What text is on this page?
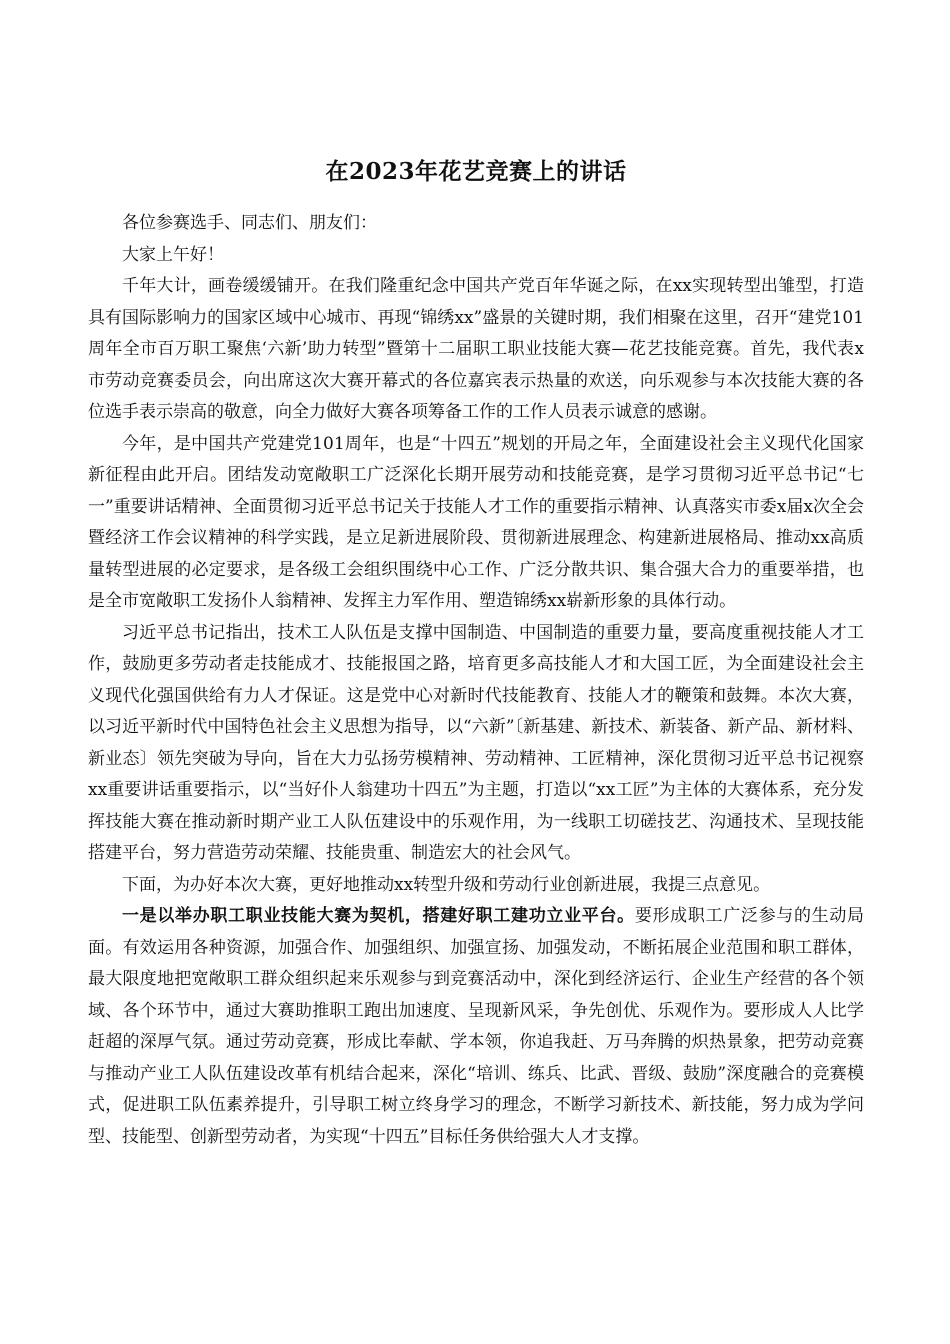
在2023年花艺竞赛上的讲话

各位参赛选手、同志们、朋友们：

大家上午好！

千年大计，画卷缓缓铺开。在我们隆重纪念中国共产党百年华诞之际，在xx实现转型出雏型，打造具有国际影响力的国家区域中心城市、再现“锦绣xx”盛景的关键时期，我们相聚在这里，召开“建党101周年全市百万职工聚焦‘六新’助力转型”暨第十二届职工职业技能大赛—花艺技能竞赛。首先，我代表x市劳动竞赛委员会，向出席这次大赛开幕式的各位嘉宾表示热量的欢送，向乐观参与本次技能大赛的各位选手表示崇高的敬意，向全力做好大赛各项筹备工作的工作人员表示诚意的感谢。

今年，是中国共产党建党101周年，也是“十四五”规划的开局之年，全面建设社会主义现代化国家新征程由此开启。团结发动宽敞职工广泛深化长期开展劳动和技能竞赛，是学习贯彻习近平总书记“七一”重要讲话精神、全面贯彻习近平总书记关于技能人才工作的重要指示精神、认真落实市委x届x次全会暨经济工作会议精神的科学实践，是立足新进展阶段、贯彻新进展理念、构建新进展格局、推动xx高质量转型进展的必定要求，是各级工会组织围绕中心工作、广泛分散共识、集合强大合力的重要举措，也是全市宽敞职工发扬仆人翁精神、发挥主力军作用、塑造锦绣xx崭新形象的具体行动。

习近平总书记指出，技术工人队伍是支撑中国制造、中国制造的重要力量，要高度重视技能人才工作，鼓励更多劳动者走技能成才、技能报国之路，培育更多高技能人才和大国工匠，为全面建设社会主义现代化强国供给有力人才保证。这是党中心对新时代技能教育、技能人才的鞭策和鼓舞。本次大赛，以习近平新时代中国特色社会主义思想为指导，以“六新”〔新基建、新技术、新装备、新产品、新材料、新业态〕领先突破为导向，旨在大力弘扬劳模精神、劳动精神、工匠精神，深化贯彻习近平总书记视察xx重要讲话重要指示，以“当好仆人翁建功十四五”为主题，打造以“xx工匠”为主体的大赛体系，充分发挥技能大赛在推动新时期产业工人队伍建设中的乐观作用，为一线职工切磋技艺、沟通技术、呈现技能搭建平台，努力营造劳动荣耀、技能贵重、制造宏大的社会风气。

下面，为办好本次大赛，更好地推动xx转型升级和劳动行业创新进展，我提三点意见。

一是以举办职工职业技能大赛为契机，搭建好职工建功立业平台。要形成职工广泛参与的生动局面。有效运用各种资源，加强合作、加强组织、加强宣扬、加强发动，不断拓展企业范围和职工群体，最大限度地把宽敞职工群众组织起来乐观参与到竞赛活动中，深化到经济运行、企业生产经营的各个领域、各个环节中，通过大赛助推职工跑出加速度、呈现新风采，争先创优、乐观作为。要形成人人比学赶超的深厚气氛。通过劳动竞赛，形成比奉献、学本领，你追我赶、万马奔腾的炽热景象，把劳动竞赛与推动产业工人队伍建设改革有机结合起来，深化“培训、练兵、比武、晋级、鼓励”深度融合的竞赛模式，促进职工队伍素养提升，引导职工树立终身学习的理念，不断学习新技术、新技能，努力成为学问型、技能型、创新型劳动者，为实现“十四五”目标任务供给强大人才支撑。
